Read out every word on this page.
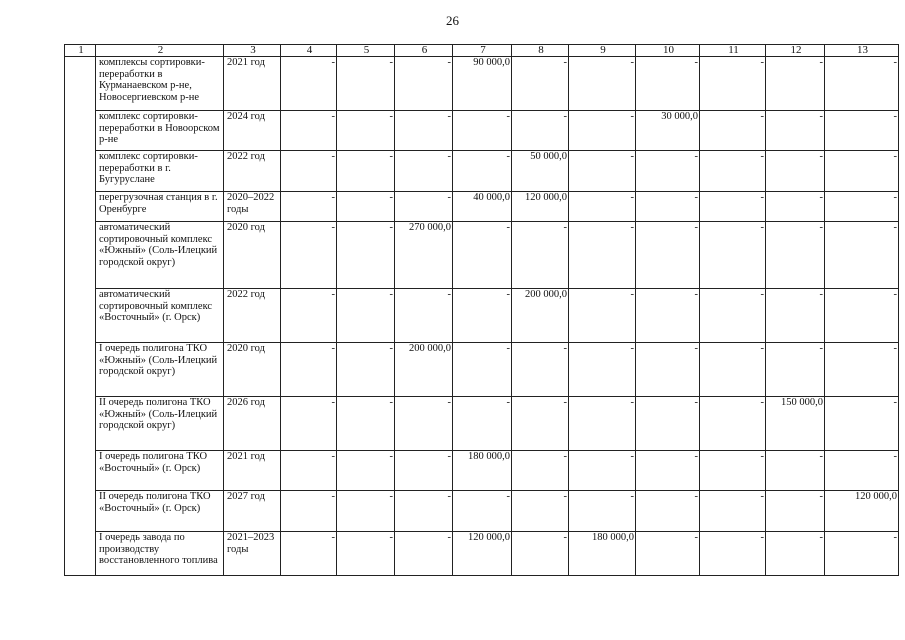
26
1	2	3	4	5	6	7	8	9	10	11	12	13
	комплексы сортировки-переработки в Курманаевском р-не, Новосергиевском р-не	2021 год	-	-	-	90 000,0	-	-	-	-	-	-
	комплекс сортировки-переработки в Новоорском р-не	2024 год	-	-	-	-	-	-	30 000,0	-	-	-
	комплекс сортировки-переработки в г. Бугуруслане	2022 год	-	-	-	-	50 000,0	-	-	-	-	-
	перегрузочная станция в г. Оренбурге	2020–2022 годы	-	-	-	40 000,0	120 000,0	-	-	-	-	-
	автоматический сортировочный комплекс «Южный» (Соль-Илецкий городской округ)	2020 год	-	-	270 000,0	-	-	-	-	-	-	-
	автоматический сортировочный комплекс «Восточный» (г. Орск)	2022 год	-	-	-	-	200 000,0	-	-	-	-	-
	I очередь полигона ТКО «Южный» (Соль-Илецкий городской округ)	2020 год	-	-	200 000,0	-	-	-	-	-	-	-
	II очередь полигона ТКО «Южный» (Соль-Илецкий городской округ)	2026 год	-	-	-	-	-	-	-	-	150 000,0	-
	I очередь полигона ТКО «Восточный» (г. Орск)	2021 год	-	-	-	180 000,0	-	-	-	-	-	-
	II очередь полигона ТКО «Восточный» (г. Орск)	2027 год	-	-	-	-	-	-	-	-	-	120 000,0
	I очередь завода по производству восстановленного топлива	2021–2023 годы	-	-	-	120 000,0	-	180 000,0	-	-	-	-
